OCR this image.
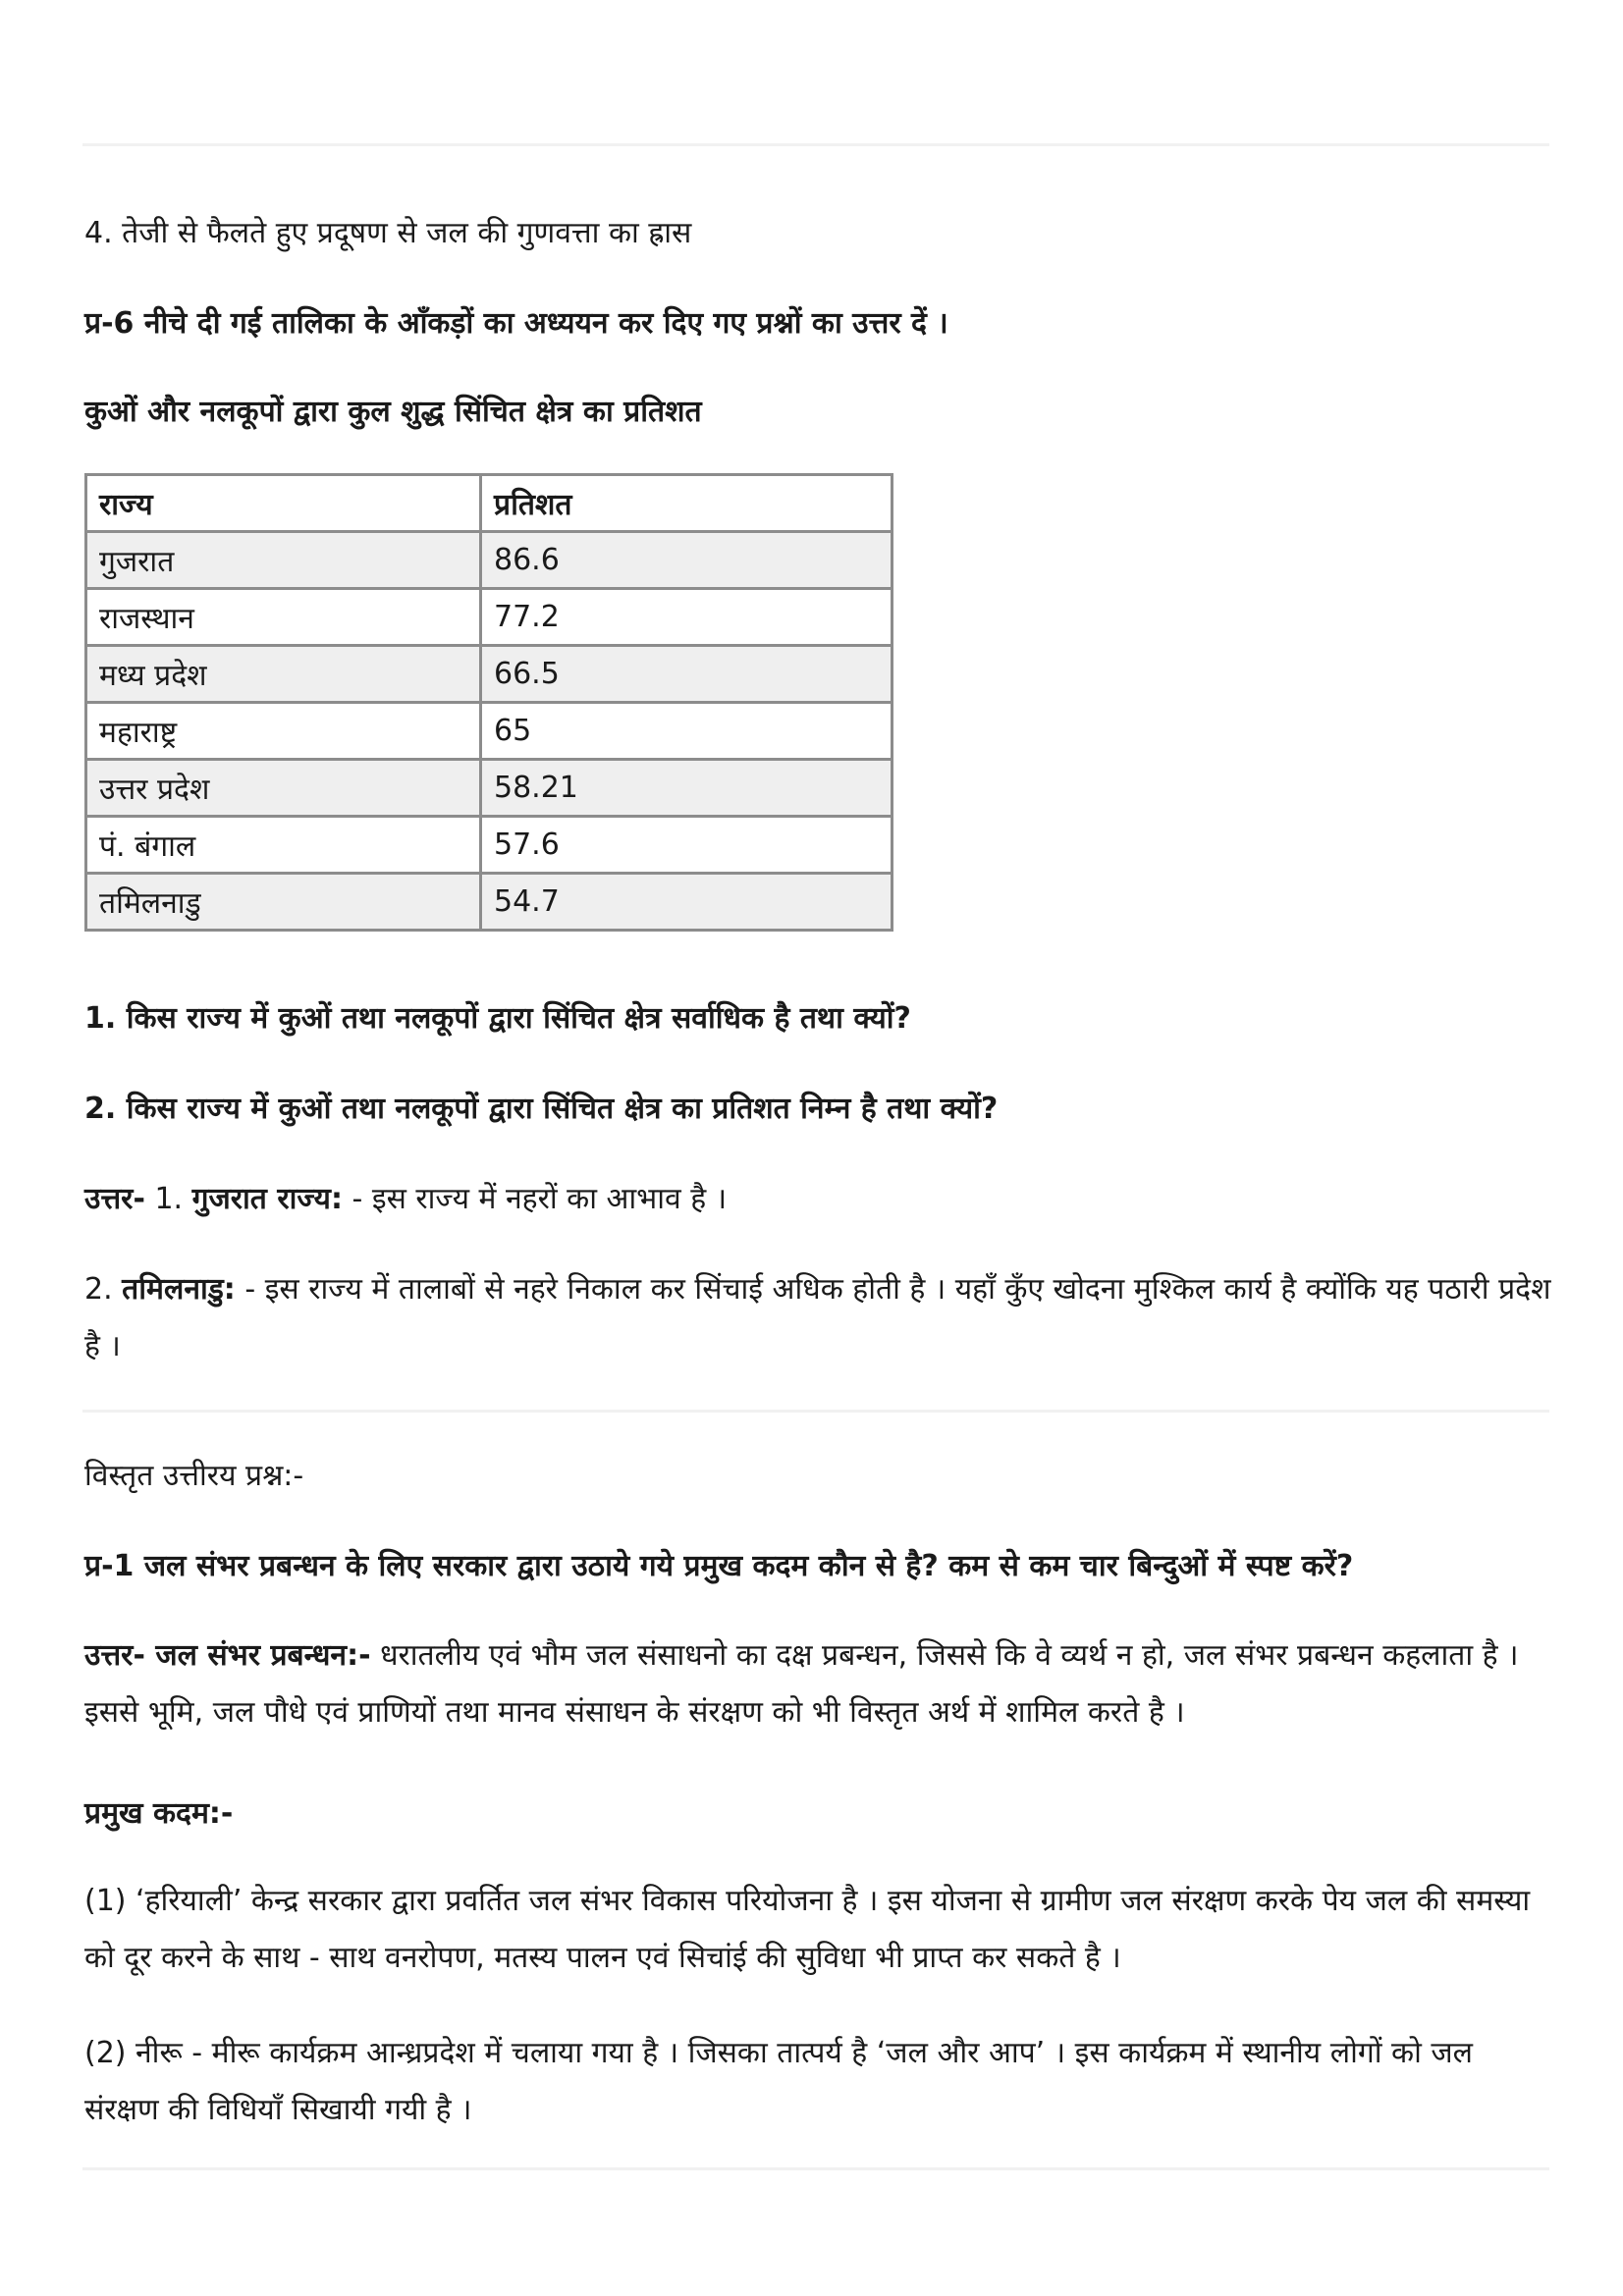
4. तेजी से फैलते हुए प्रदूषण से जल की गुणवत्ता का ह्रास
प्र-6 नीचे दी गई तालिका के आँकड़ों का अध्ययन कर दिए गए प्रश्नों का उत्तर दें ।
कुओं और नलकूपों द्वारा कुल शुद्ध सिंचित क्षेत्र का प्रतिशत
राज्य	प्रतिशत
गुजरात	86.6
राजस्थान	77.2
मध्य प्रदेश	66.5
महाराष्ट्र	65
उत्तर प्रदेश	58.21
पं. बंगाल	57.6
तमिलनाडु	54.7
1. किस राज्य में कुओं तथा नलकूपों द्वारा सिंचित क्षेत्र सर्वाधिक है तथा क्यों?
2. किस राज्य में कुओं तथा नलकूपों द्वारा सिंचित क्षेत्र का प्रतिशत निम्न है तथा क्यों?
उत्तर- 1. गुजरात राज्य: - इस राज्य में नहरों का आभाव है ।
2. तमिलनाडु: - इस राज्य में तालाबों से नहरे निकाल कर सिंचाई अधिक होती है । यहाँ कुँए खोदना मुश्किल कार्य है क्योंकि यह पठारी प्रदेश है ।
विस्तृत उत्तीरय प्रश्न:-
प्र-1 जल संभर प्रबन्धन के लिए सरकार द्वारा उठाये गये प्रमुख कदम कौन से है? कम से कम चार बिन्दुओं में स्पष्ट करें?
उत्तर- जल संभर प्रबन्धन:- धरातलीय एवं भौम जल संसाधनो का दक्ष प्रबन्धन, जिससे कि वे व्यर्थ न हो, जल संभर प्रबन्धन कहलाता है । इससे भूमि, जल पौधे एवं प्राणियों तथा मानव संसाधन के संरक्षण को भी विस्तृत अर्थ में शामिल करते है ।
प्रमुख कदम:-
(1) ‘हरियाली’ केन्द्र सरकार द्वारा प्रवर्तित जल संभर विकास परियोजना है । इस योजना से ग्रामीण जल संरक्षण करके पेय जल की समस्या को दूर करने के साथ - साथ वनरोपण, मतस्य पालन एवं सिचांई की सुविधा भी प्राप्त कर सकते है ।
(2) नीरू - मीरू कार्यक्रम आन्ध्रप्रदेश में चलाया गया है । जिसका तात्पर्य है ‘जल और आप’ । इस कार्यक्रम में स्थानीय लोगों को जल संरक्षण की विधियाँ सिखायी गयी है ।
